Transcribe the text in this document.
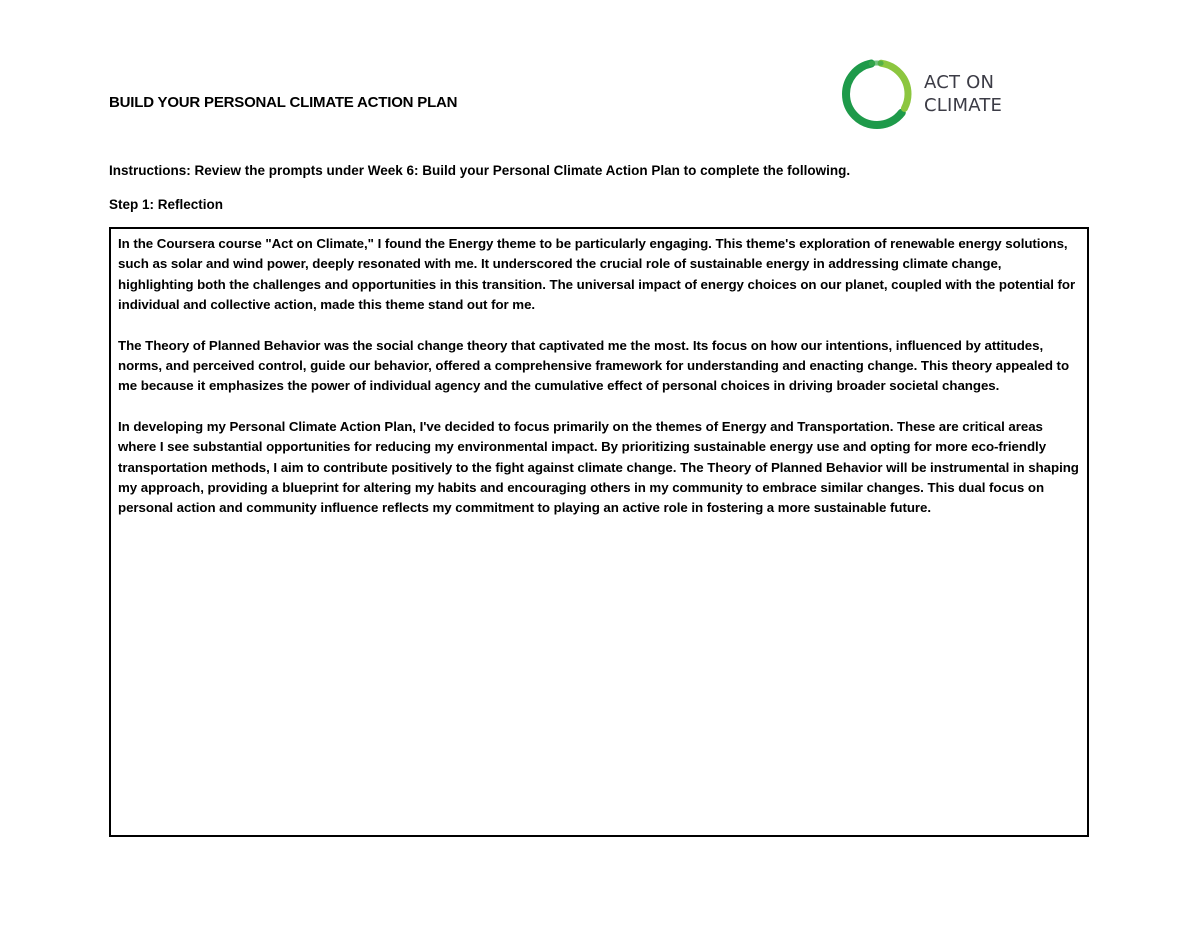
BUILD YOUR PERSONAL CLIMATE ACTION PLAN
ACT ON
CLIMATE
Instructions: Review the prompts under Week 6: Build your Personal Climate Action Plan to complete the following.
Step 1: Reflection

In the Coursera course "Act on Climate," I found the Energy theme to be particularly engaging. This theme's exploration of renewable energy solutions, such as solar and wind power, deeply resonated with me. It underscored the crucial role of sustainable energy in addressing climate change, highlighting both the challenges and opportunities in this transition. The universal impact of energy choices on our planet, coupled with the potential for individual and collective action, made this theme stand out for me.

The Theory of Planned Behavior was the social change theory that captivated me the most. Its focus on how our intentions, influenced by attitudes, norms, and perceived control, guide our behavior, offered a comprehensive framework for understanding and enacting change. This theory appealed to me because it emphasizes the power of individual agency and the cumulative effect of personal choices in driving broader societal changes.

In developing my Personal Climate Action Plan, I've decided to focus primarily on the themes of Energy and Transportation. These are critical areas where I see substantial opportunities for reducing my environmental impact. By prioritizing sustainable energy use and opting for more eco-friendly transportation methods, I aim to contribute positively to the fight against climate change. The Theory of Planned Behavior will be instrumental in shaping my approach, providing a blueprint for altering my habits and encouraging others in my community to embrace similar changes. This dual focus on personal action and community influence reflects my commitment to playing an active role in fostering a more sustainable future.
